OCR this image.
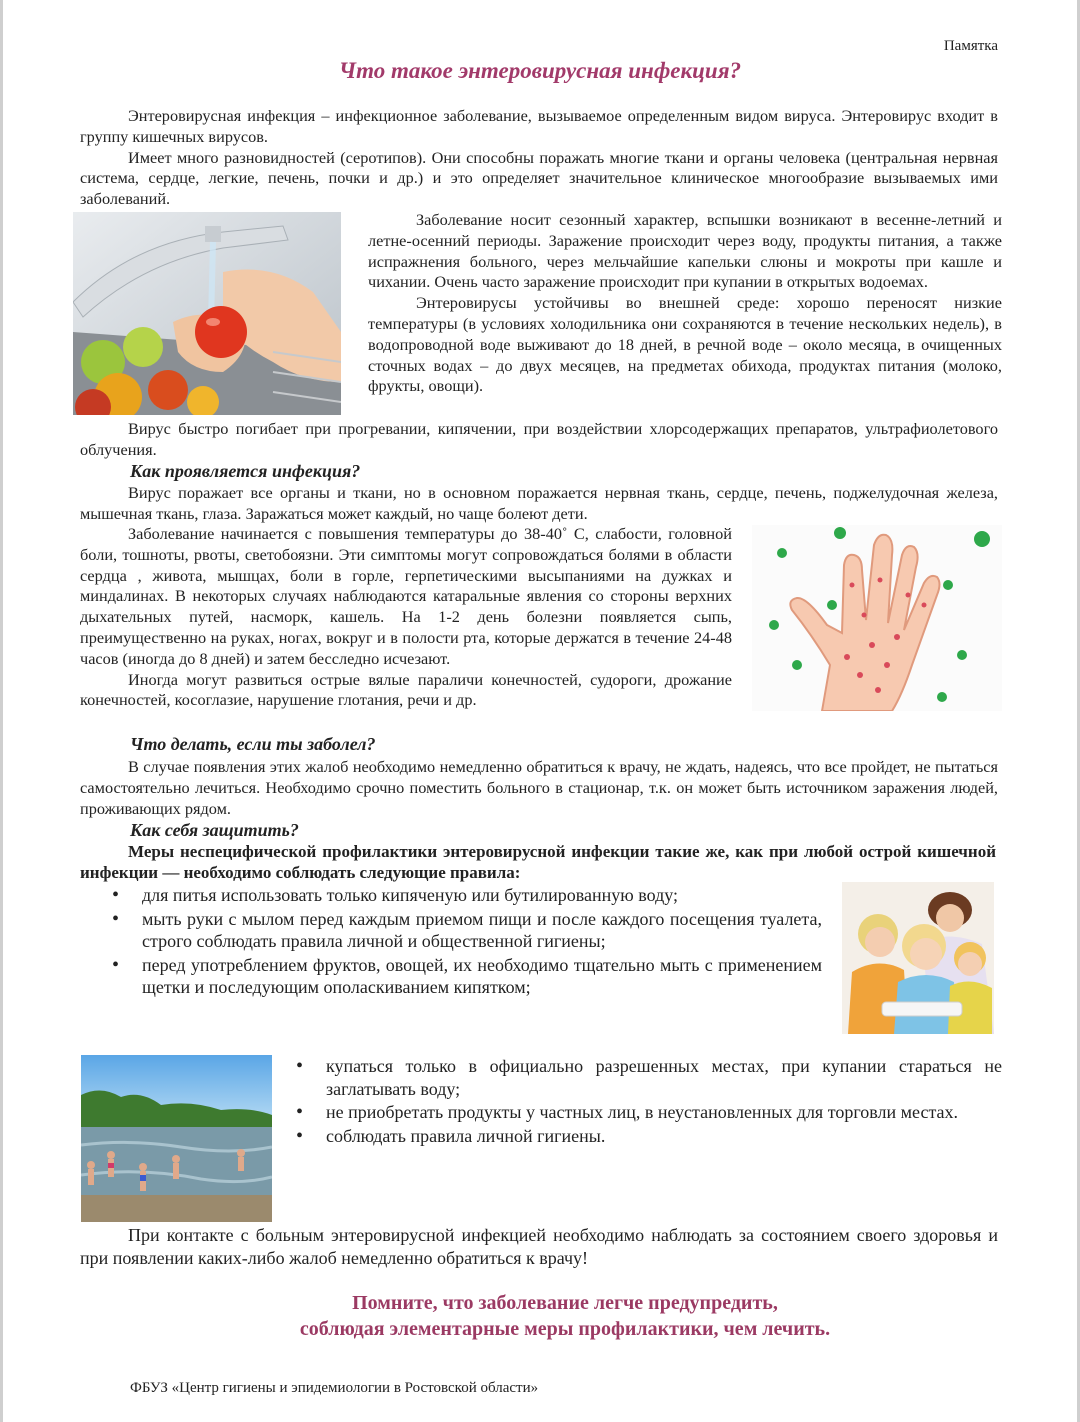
Памятка
Что такое энтеровирусная инфекция?

Энтеровирусная инфекция – инфекционное заболевание, вызываемое определенным видом вируса. Энтеровирус входит в группу кишечных вирусов.

Имеет много разновидностей (серотипов). Они способны поражать многие ткани и органы человека (центральная нервная система, сердце, легкие, печень, почки и др.) и это определяет значительное клиническое многообразие вызываемых ими заболеваний.

Заболевание носит сезонный характер, вспышки возникают в весенне-летний и летне-осенний периоды. Заражение происходит через воду, продукты питания, а также испражнения больного, через мельчайшие капельки слюны и мокроты при кашле и чихании. Очень часто заражение происходит при купании в открытых водоемах.

Энтеровирусы устойчивы во внешней среде: хорошо переносят низкие температуры (в условиях холодильника они сохраняются в течение нескольких недель), в водопроводной воде выживают до 18 дней, в речной воде – около месяца, в очищенных сточных водах – до двух месяцев, на предметах обихода, продуктах питания (молоко, фрукты, овощи).

Вирус быстро погибает при прогревании, кипячении, при воздействии хлорсодержащих препаратов, ультрафиолетового облучения.

Как проявляется инфекция?

Вирус поражает все органы и ткани, но в основном поражается нервная ткань, сердце, печень, поджелудочная железа, мышечная ткань, глаза. Заражаться может каждый, но чаще болеют дети.

Заболевание начинается с повышения температуры до 38-40˚ С, слабости, головной боли, тошноты, рвоты, светобоязни. Эти симптомы могут сопровождаться болями в области сердца , живота, мышцах, боли в горле, герпетическими высыпаниями на дужках и миндалинах. В некоторых случаях наблюдаются катаральные явления со стороны верхних дыхательных путей, насморк, кашель. На 1-2 день болезни появляется сыпь, преимущественно на руках, ногах, вокруг и в полости рта, которые держатся в течение 24-48 часов (иногда до 8 дней) и затем бесследно исчезают.

Иногда могут развиться острые вялые параличи конечностей, судороги, дрожание конечностей, косоглазие, нарушение глотания, речи и др.

Что делать, если ты заболел?

В случае появления этих жалоб необходимо немедленно обратиться к врачу, не ждать, надеясь, что все пройдет, не пытаться самостоятельно лечиться. Необходимо срочно поместить больного в стационар, т.к. он может быть источником заражения людей, проживающих рядом.

Как себя защитить?

Меры неспецифической профилактики энтеровирусной инфекции такие же, как при любой острой кишечной инфекции — необходимо соблюдать следующие правила:

• для питья использовать только кипяченую или бутилированную воду;
• мыть руки с мылом перед каждым приемом пищи и после каждого посещения туалета, строго соблюдать правила личной и общественной гигиены;
• перед употреблением фруктов, овощей, их необходимо тщательно мыть с применением щетки и последующим ополаскиванием кипятком;
• купаться только в официально разрешенных местах, при купании стараться не заглатывать воду;
• не приобретать продукты у частных лиц, в неустановленных для торговли местах.
• соблюдать правила личной гигиены.

При контакте с больным энтеровирусной инфекцией необходимо наблюдать за состоянием своего здоровья и при появлении каких-либо жалоб немедленно обратиться к врачу!

Помните, что заболевание легче предупредить,
соблюдая элементарные меры профилактики, чем лечить.
ФБУЗ «Центр гигиены и эпидемиологии в Ростовской области»
